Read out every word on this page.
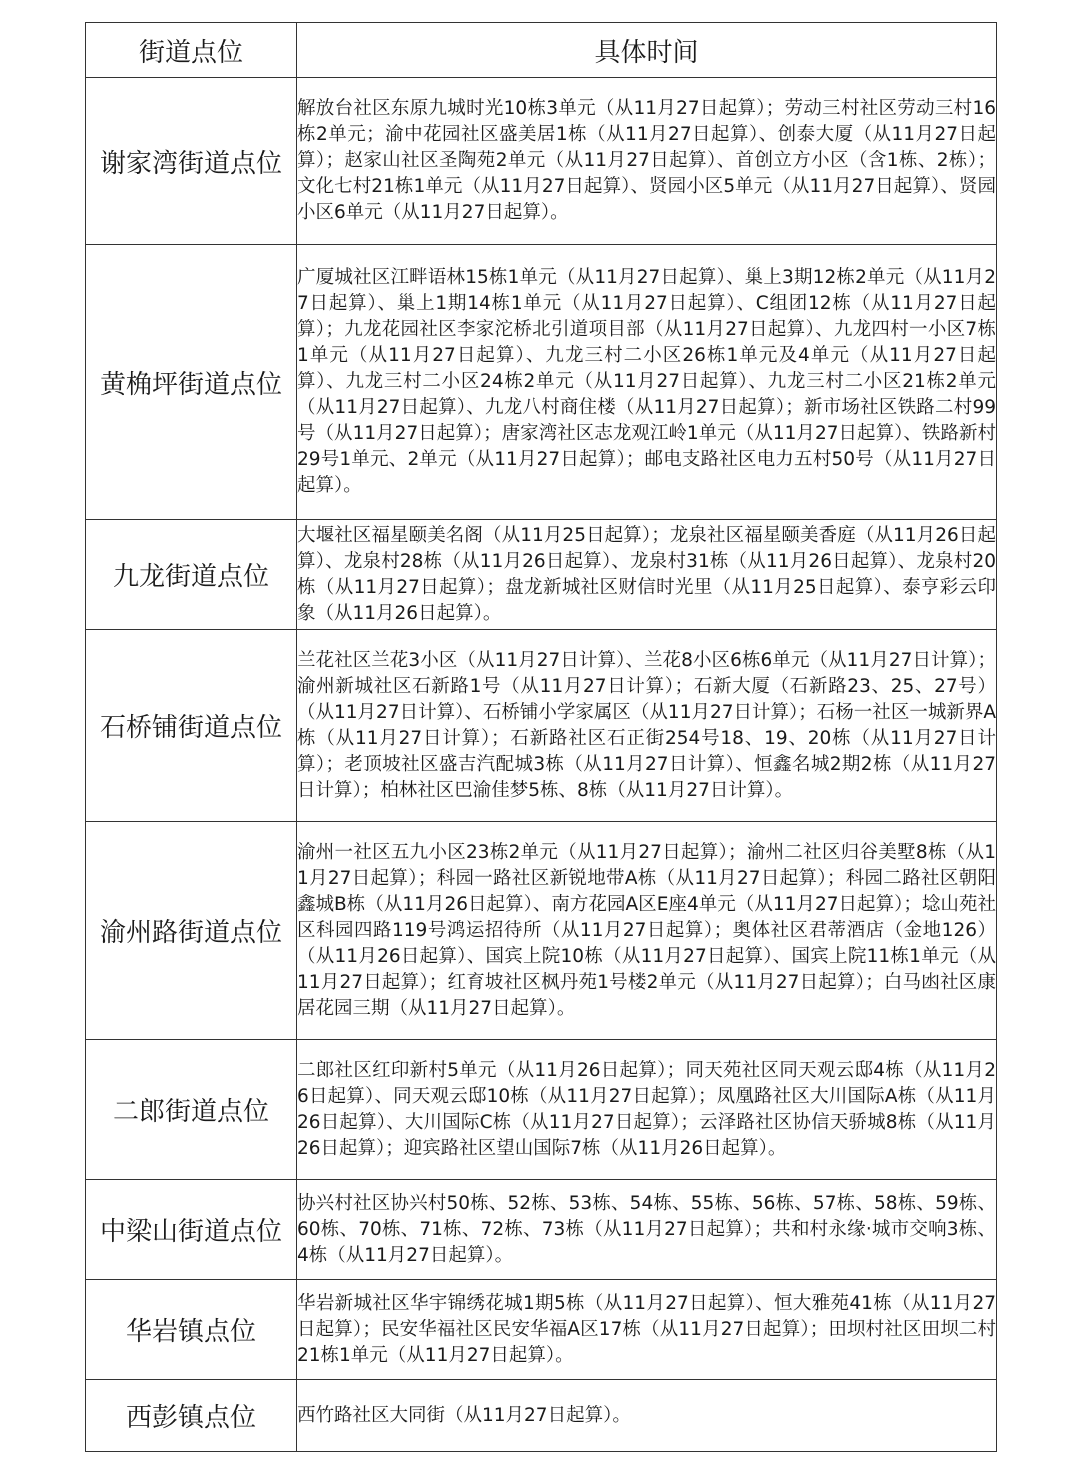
街道点位	具体时间
谢家湾街道点位	解放台社区东原九城时光10栋3单元（从11月27日起算）；劳动三村社区劳动三村16栋2单元；渝中花园社区盛美居1栋（从11月27日起算）、创泰大厦（从11月27日起算）；赵家山社区圣陶苑2单元（从11月27日起算）、首创立方小区（含1栋、2栋）；文化七村21栋1单元（从11月27日起算）、贤园小区5单元（从11月27日起算）、贤园小区6单元（从11月27日起算）。
黄桷坪街道点位	广厦城社区江畔语林15栋1单元（从11月27日起算）、巢上3期12栋2单元（从11月27日起算）、巢上1期14栋1单元（从11月27日起算）、C组团12栋（从11月27日起算）；九龙花园社区李家沱桥北引道项目部（从11月27日起算）、九龙四村一小区7栋1单元（从11月27日起算）、九龙三村二小区26栋1单元及4单元（从11月27日起算）、九龙三村二小区24栋2单元（从11月27日起算）、九龙三村二小区21栋2单元（从11月27日起算）、九龙八村商住楼（从11月27日起算）；新市场社区铁路二村99号（从11月27日起算）；唐家湾社区志龙观江岭1单元（从11月27日起算）、铁路新村29号1单元、2单元（从11月27日起算）；邮电支路社区电力五村50号（从11月27日起算）。
九龙街道点位	大堰社区福星颐美名阁（从11月25日起算）；龙泉社区福星颐美香庭（从11月26日起算）、龙泉村28栋（从11月26日起算）、龙泉村31栋（从11月26日起算）、龙泉村20栋（从11月27日起算）；盘龙新城社区财信时光里（从11月25日起算）、泰亨彩云印象（从11月26日起算）。
石桥铺街道点位	兰花社区兰花3小区（从11月27日计算）、兰花8小区6栋6单元（从11月27日计算）；渝州新城社区石新路1号（从11月27日计算）；石新大厦（石新路23、25、27号）（从11月27日计算）、石桥铺小学家属区（从11月27日计算）；石杨一社区一城新界A栋（从11月27日计算）；石新路社区石正街254号18、19、20栋（从11月27日计算）；老顶坡社区盛吉汽配城3栋（从11月27日计算）、恒鑫名城2期2栋（从11月27日计算）；柏林社区巴渝佳梦5栋、8栋（从11月27日计算）。
渝州路街道点位	渝州一社区五九小区23栋2单元（从11月27日起算）；渝州二社区归谷美墅8栋（从11月27日起算）；科园一路社区新锐地带A栋（从11月27日起算）；科园二路社区朝阳鑫城B栋（从11月26日起算）、南方花园A区E座4单元（从11月27日起算）；埝山苑社区科园四路119号鸿运招待所（从11月27日起算）；奥体社区君蒂酒店（金地126）（从11月26日起算）、国宾上院10栋（从11月27日起算）、国宾上院11栋1单元（从11月27日起算）；红育坡社区枫丹苑1号楼2单元（从11月27日起算）；白马凼社区康居花园三期（从11月27日起算）。
二郎街道点位	二郎社区红印新村5单元（从11月26日起算）；同天苑社区同天观云邸4栋（从11月26日起算）、同天观云邸10栋（从11月27日起算）；凤凰路社区大川国际A栋（从11月26日起算）、大川国际C栋（从11月27日起算）；云泽路社区协信天骄城8栋（从11月26日起算）；迎宾路社区望山国际7栋（从11月26日起算）。
中梁山街道点位	协兴村社区协兴村50栋、52栋、53栋、54栋、55栋、56栋、57栋、58栋、59栋、60栋、70栋、71栋、72栋、73栋（从11月27日起算）；共和村永缘·城市交响3栋、4栋（从11月27日起算）。
华岩镇点位	华岩新城社区华宇锦绣花城1期5栋（从11月27日起算）、恒大雅苑41栋（从11月27日起算）；民安华福社区民安华福A区17栋（从11月27日起算）；田坝村社区田坝二村21栋1单元（从11月27日起算）。
西彭镇点位	西竹路社区大同街（从11月27日起算）。
